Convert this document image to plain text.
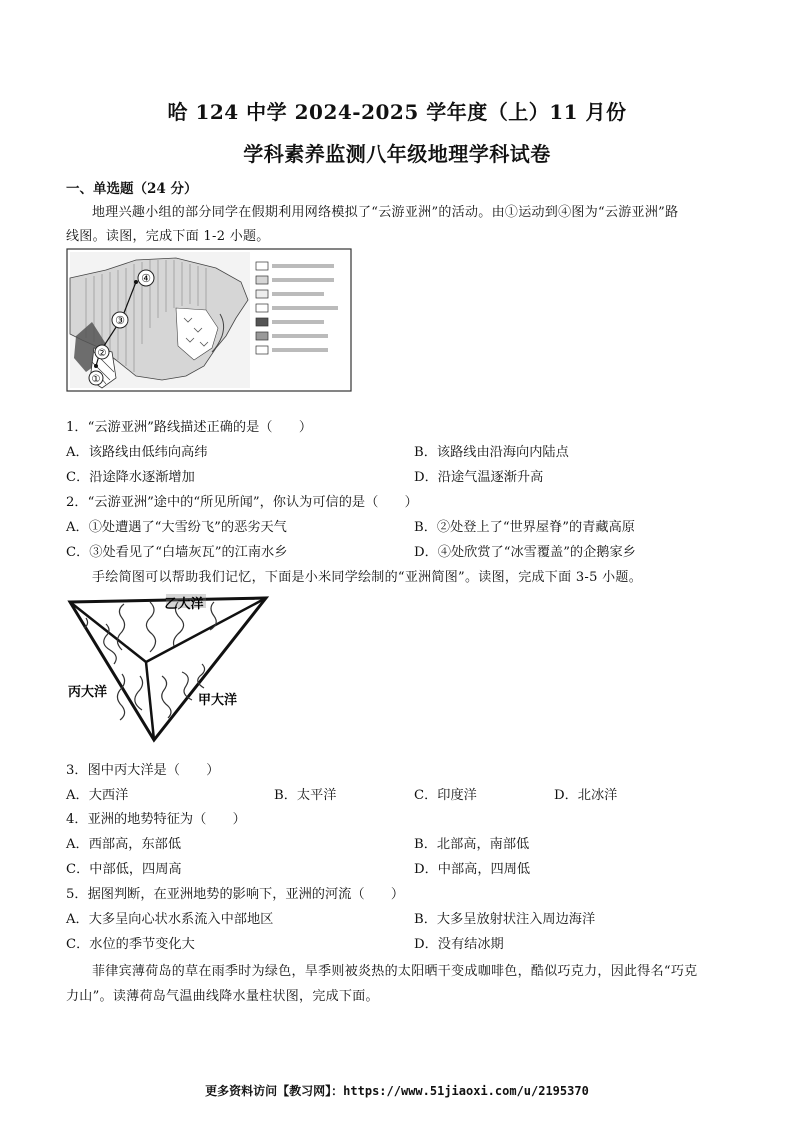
哈 124 中学 2024-2025 学年度（上）11 月份
学科素养监测八年级地理学科试卷
一、单选题（24 分）
地理兴趣小组的部分同学在假期利用网络模拟了“云游亚洲”的活动。由①运动到④图为“云游亚洲”路
线图。读图，完成下面 1-2 小题。
④
③
②
①
1．“云游亚洲”路线描述正确的是（　　）
A．该路线由低纬向高纬	B．该路线由沿海向内陆点
C．沿途降水逐渐增加	D．沿途气温逐渐升高
2．“云游亚洲”途中的“所见所闻”，你认为可信的是（　　）
A．①处遭遇了“大雪纷飞”的恶劣天气	B．②处登上了“世界屋脊”的青藏高原
C．③处看见了“白墙灰瓦”的江南水乡	D．④处欣赏了“冰雪覆盖”的企鹅家乡
手绘简图可以帮助我们记忆，下面是小米同学绘制的“亚洲简图”。读图，完成下面 3-5 小题。
乙大洋
丙大洋
甲大洋
3．图中丙大洋是（　　）
A．大西洋	B．太平洋	C．印度洋	D．北冰洋
4．亚洲的地势特征为（　　）
A．西部高，东部低	B．北部高，南部低
C．中部低，四周高	D．中部高，四周低
5．据图判断，在亚洲地势的影响下，亚洲的河流（　　）
A．大多呈向心状水系流入中部地区	B．大多呈放射状注入周边海洋
C．水位的季节变化大	D．没有结冰期
菲律宾薄荷岛的草在雨季时为绿色，旱季则被炎热的太阳晒干变成咖啡色，酷似巧克力，因此得名“巧克
力山”。读薄荷岛气温曲线降水量柱状图，完成下面。
更多资料访问【教习网】：https://www.51jiaoxi.com/u/2195370
